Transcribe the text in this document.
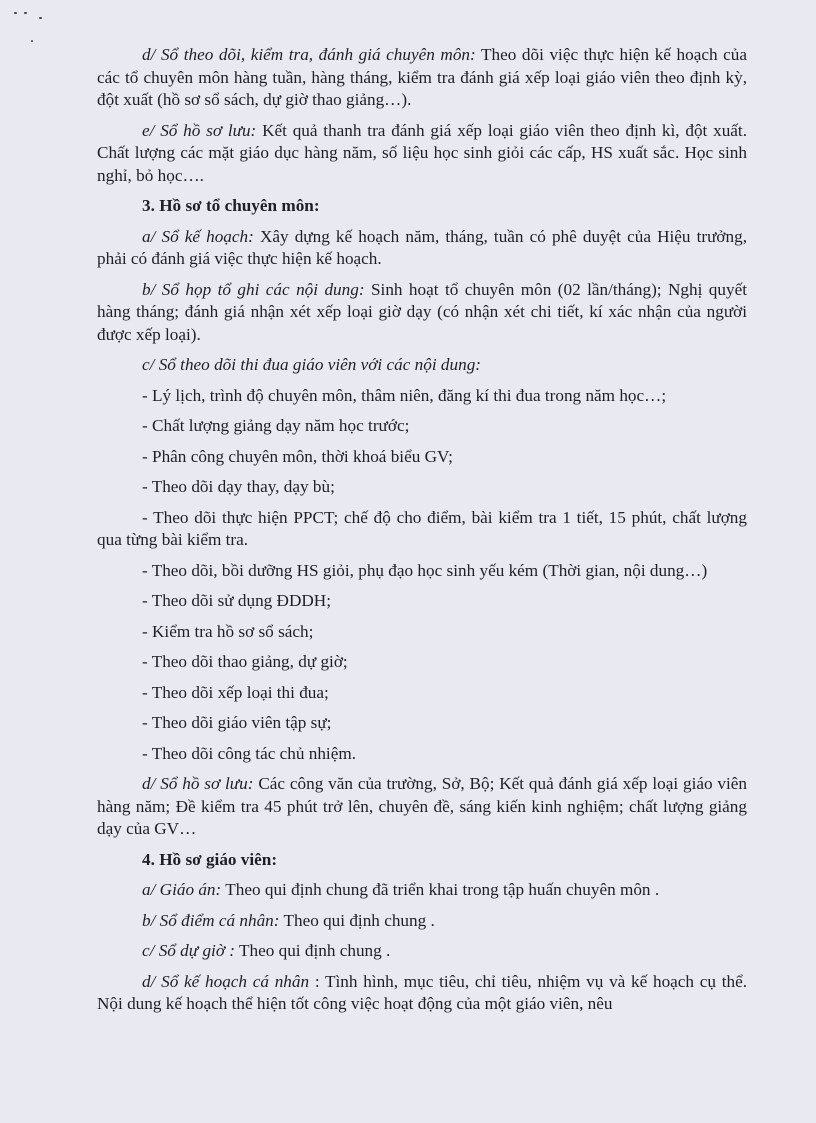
d/ Sổ theo dõi, kiểm tra, đánh giá chuyên môn: Theo dõi việc thực hiện kế hoạch của các tổ chuyên môn hàng tuần, hàng tháng, kiểm tra đánh giá xếp loại giáo viên theo định kỳ, đột xuất (hồ sơ sổ sách, dự giờ thao giảng…).

e/ Sổ hồ sơ lưu: Kết quả thanh tra đánh giá xếp loại giáo viên theo định kì, đột xuất. Chất lượng các mặt giáo dục hàng năm, số liệu học sinh giỏi các cấp, HS xuất sắc. Học sinh nghỉ, bỏ học….

3. Hồ sơ tổ chuyên môn:

a/ Sổ kế hoạch: Xây dựng kế hoạch năm, tháng, tuần có phê duyệt của Hiệu trưởng, phải có đánh giá việc thực hiện kế hoạch.

b/ Sổ họp tổ ghi các nội dung: Sinh hoạt tổ chuyên môn (02 lần/tháng); Nghị quyết hàng tháng; đánh giá nhận xét xếp loại giờ dạy (có nhận xét chi tiết, kí xác nhận của người được xếp loại).

c/ Sổ theo dõi thi đua giáo viên với các nội dung:

- Lý lịch, trình độ chuyên môn, thâm niên, đăng kí thi đua trong năm học…;

- Chất lượng giảng dạy năm học trước;

- Phân công chuyên môn, thời khoá biểu GV;

- Theo dõi dạy thay, dạy bù;

- Theo dõi thực hiện PPCT; chế độ cho điểm, bài kiểm tra 1 tiết, 15 phút, chất lượng qua từng bài kiểm tra.

- Theo dõi, bồi dưỡng HS giỏi, phụ đạo học sinh yếu kém (Thời gian, nội dung…)

- Theo dõi sử dụng ĐDDH;

- Kiểm tra hồ sơ sổ sách;

- Theo dõi thao giảng, dự giờ;

- Theo dõi xếp loại thi đua;

- Theo dõi giáo viên tập sự;

- Theo dõi công tác chủ nhiệm.

d/ Sổ hồ sơ lưu: Các công văn của trường, Sở, Bộ; Kết quả đánh giá xếp loại giáo viên hàng năm; Đề kiểm tra 45 phút trở lên, chuyên đề, sáng kiến kinh nghiệm; chất lượng giảng dạy của GV…

4. Hồ sơ giáo viên:

a/ Giáo án: Theo qui định chung đã triển khai trong tập huấn chuyên môn .

b/ Sổ điểm cá nhân: Theo qui định chung .

c/ Sổ dự giờ : Theo qui định chung .

d/ Sổ kế hoạch cá nhân : Tình hình, mục tiêu, chỉ tiêu, nhiệm vụ và kế hoạch cụ thể. Nội dung kế hoạch thể hiện tốt công việc hoạt động của một giáo viên, nêu
